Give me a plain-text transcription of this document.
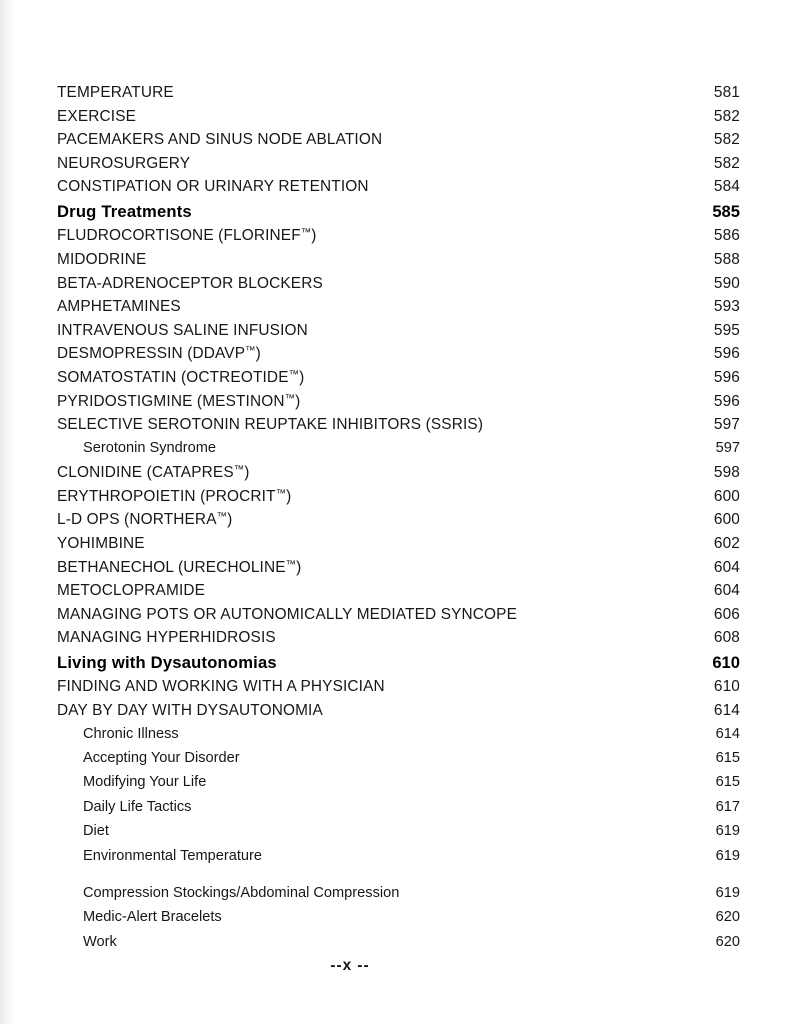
TEMPERATURE	581
EXERCISE	582
PACEMAKERS AND SINUS NODE ABLATION	582
NEUROSURGERY	582
CONSTIPATION OR URINARY RETENTION	584
Drug Treatments	585
FLUDROCORTISONE (FLORINEF™)	586
MIDODRINE	588
BETA-ADRENOCEPTOR BLOCKERS	590
AMPHETAMINES	593
INTRAVENOUS SALINE INFUSION	595
DESMOPRESSIN (DDAVP™)	596
SOMATOSTATIN (OCTREOTIDE™)	596
PYRIDOSTIGMINE (MESTINON™)	596
SELECTIVE SEROTONIN REUPTAKE INHIBITORS (SSRIS)	597
Serotonin Syndrome	597
CLONIDINE (CATAPRES™)	598
ERYTHROPOIETIN (PROCRIT™)	600
L-D OPS (NORTHERA™)	600
YOHIMBINE	602
BETHANECHOL (URECHOLINE™)	604
METOCLOPRAMIDE	604
MANAGING POTS OR AUTONOMICALLY MEDIATED SYNCOPE	606
MANAGING HYPERHIDROSIS	608
Living with Dysautonomias	610
FINDING AND WORKING WITH A PHYSICIAN	610
DAY BY DAY WITH DYSAUTONOMIA	614
Chronic Illness	614
Accepting Your Disorder	615
Modifying Your Life	615
Daily Life Tactics	617
Diet	619
Environmental Temperature	619
Compression Stockings/Abdominal Compression	619
Medic-Alert Bracelets	620
Work	620
--x --
